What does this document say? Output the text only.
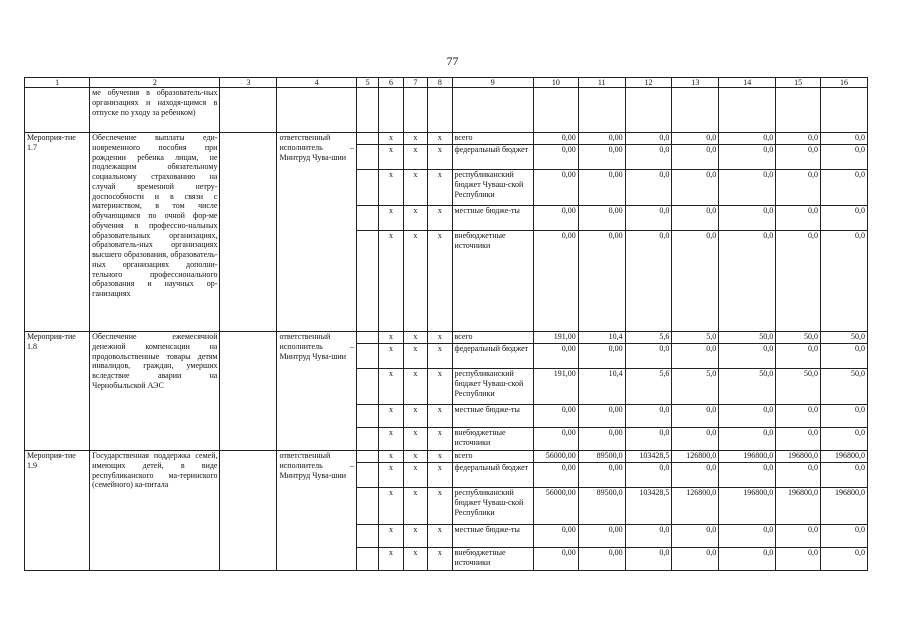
77
1	2	3	4	5	6	7	8	9	10	11	12	13	14	15	16
	ме обучения в образователь-ных организациях и находя-щимся в отпуске по уходу за ребенком)														
Мероприя-тие 1.7	Обеспечение выплаты еди-новременного пособия при рождении ребенка лицам, не подлежащим обязательному социальному страхованию на случай временной нетру-доспособности и в связи с материнством, в том числе обучающимся по очной фор-ме обучения в профессио-нальных образовательных организациях, образователь-ных организациях высшего образования, образователь-ных организациях дополни-тельного профессионального образования и научных ор-ганизациях		ответственный исполнитель – Минтруд Чува-шии		x	x	x	всего	0,00	0,00	0,0	0,0	0,0	0,0	0,0
					x	x	x	федеральный бюджет	0,00	0,00	0,0	0,0	0,0	0,0	0,0
					x	x	x	республиканский бюджет Чуваш-ской Республики	0,00	0,00	0,0	0,0	0,0	0,0	0,0
					x	x	x	местные бюдже-ты	0,00	0,00	0,0	0,0	0,0	0,0	0,0
					x	x	x	внебюджетные источники	0,00	0,00	0,0	0,0	0,0	0,0	0,0
Мероприя-тие 1.8	Обеспечение ежемесячной денежной компенсации на продовольственные товары детям инвалидов, граждан, умерших вследствие аварии на Чернобыльской АЭС		ответственный исполнитель – Минтруд Чува-шии		x	x	x	всего	191,00	10,4	5,6	5,0	50,0	50,0	50,0
					x	x	x	федеральный бюджет	0,00	0,00	0,0	0,0	0,0	0,0	0,0
					x	x	x	республиканский бюджет Чуваш-ской Республики	191,00	10,4	5,6	5,0	50,0	50,0	50,0
					x	x	x	местные бюдже-ты	0,00	0,00	0,0	0,0	0,0	0,0	0,0
					x	x	x	внебюджетные источники	0,00	0,00	0,0	0,0	0,0	0,0	0,0
Мероприя-тие 1.9	Государственная поддержка семей, имеющих детей, в виде республиканского ма-теринского (семейного) ка-питала		ответственный исполнитель – Минтруд Чува-шии		x	x	x	всего	56000,00	89500,0	103428,5	126800,0	196800,0	196800,0	196800,0
					x	x	x	федеральный бюджет	0,00	0,00	0,0	0,0	0,0	0,0	0,0
					x	x	x	республиканский бюджет Чуваш-ской Республики	56000,00	89500,0	103428,5	126800,0	196800,0	196800,0	196800,0
					x	x	x	местные бюдже-ты	0,00	0,00	0,0	0,0	0,0	0,0	0,0
					x	x	x	внебюджетные источники	0,00	0,00	0,0	0,0	0,0	0,0	0,0
